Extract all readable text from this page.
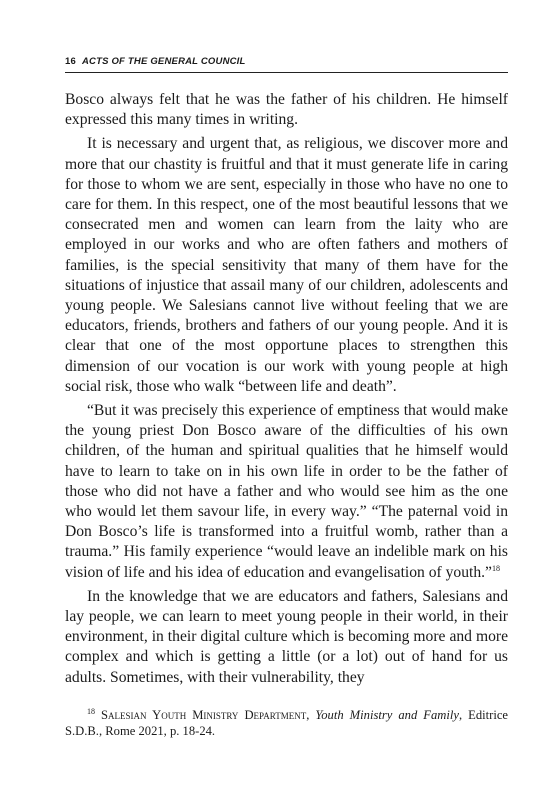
16 ACTS OF THE GENERAL COUNCIL

Bosco always felt that he was the father of his children. He himself expressed this many times in writing.

It is necessary and urgent that, as religious, we discover more and more that our chastity is fruitful and that it must generate life in caring for those to whom we are sent, especially in those who have no one to care for them. In this respect, one of the most beautiful lessons that we consecrated men and women can learn from the laity who are employed in our works and who are often fathers and mothers of families, is the special sensitivity that many of them have for the situations of injustice that assail many of our children, adolescents and young people. We Salesians cannot live without feeling that we are educators, friends, brothers and fathers of our young people. And it is clear that one of the most opportune places to strengthen this dimension of our vocation is our work with young people at high social risk, those who walk “between life and death”.

“But it was precisely this experience of emptiness that would make the young priest Don Bosco aware of the difficulties of his own children, of the human and spiritual qualities that he himself would have to learn to take on in his own life in order to be the father of those who did not have a father and who would see him as the one who would let them savour life, in every way.” “The paternal void in Don Bosco’s life is transformed into a fruitful womb, rather than a trauma.” His family experience “would leave an indelible mark on his vision of life and his idea of education and evangelisation of youth.”$^{18}$

In the knowledge that we are educators and fathers, Salesians and lay people, we can learn to meet young people in their world, in their environment, in their digital culture which is becoming more and more complex and which is getting a little (or a lot) out of hand for us adults. Sometimes, with their vulnerability, they

$^{18}$ Salesian Youth Ministry Department, Youth Ministry and Family, Editrice S.D.B., Rome 2021, p. 18-24.
